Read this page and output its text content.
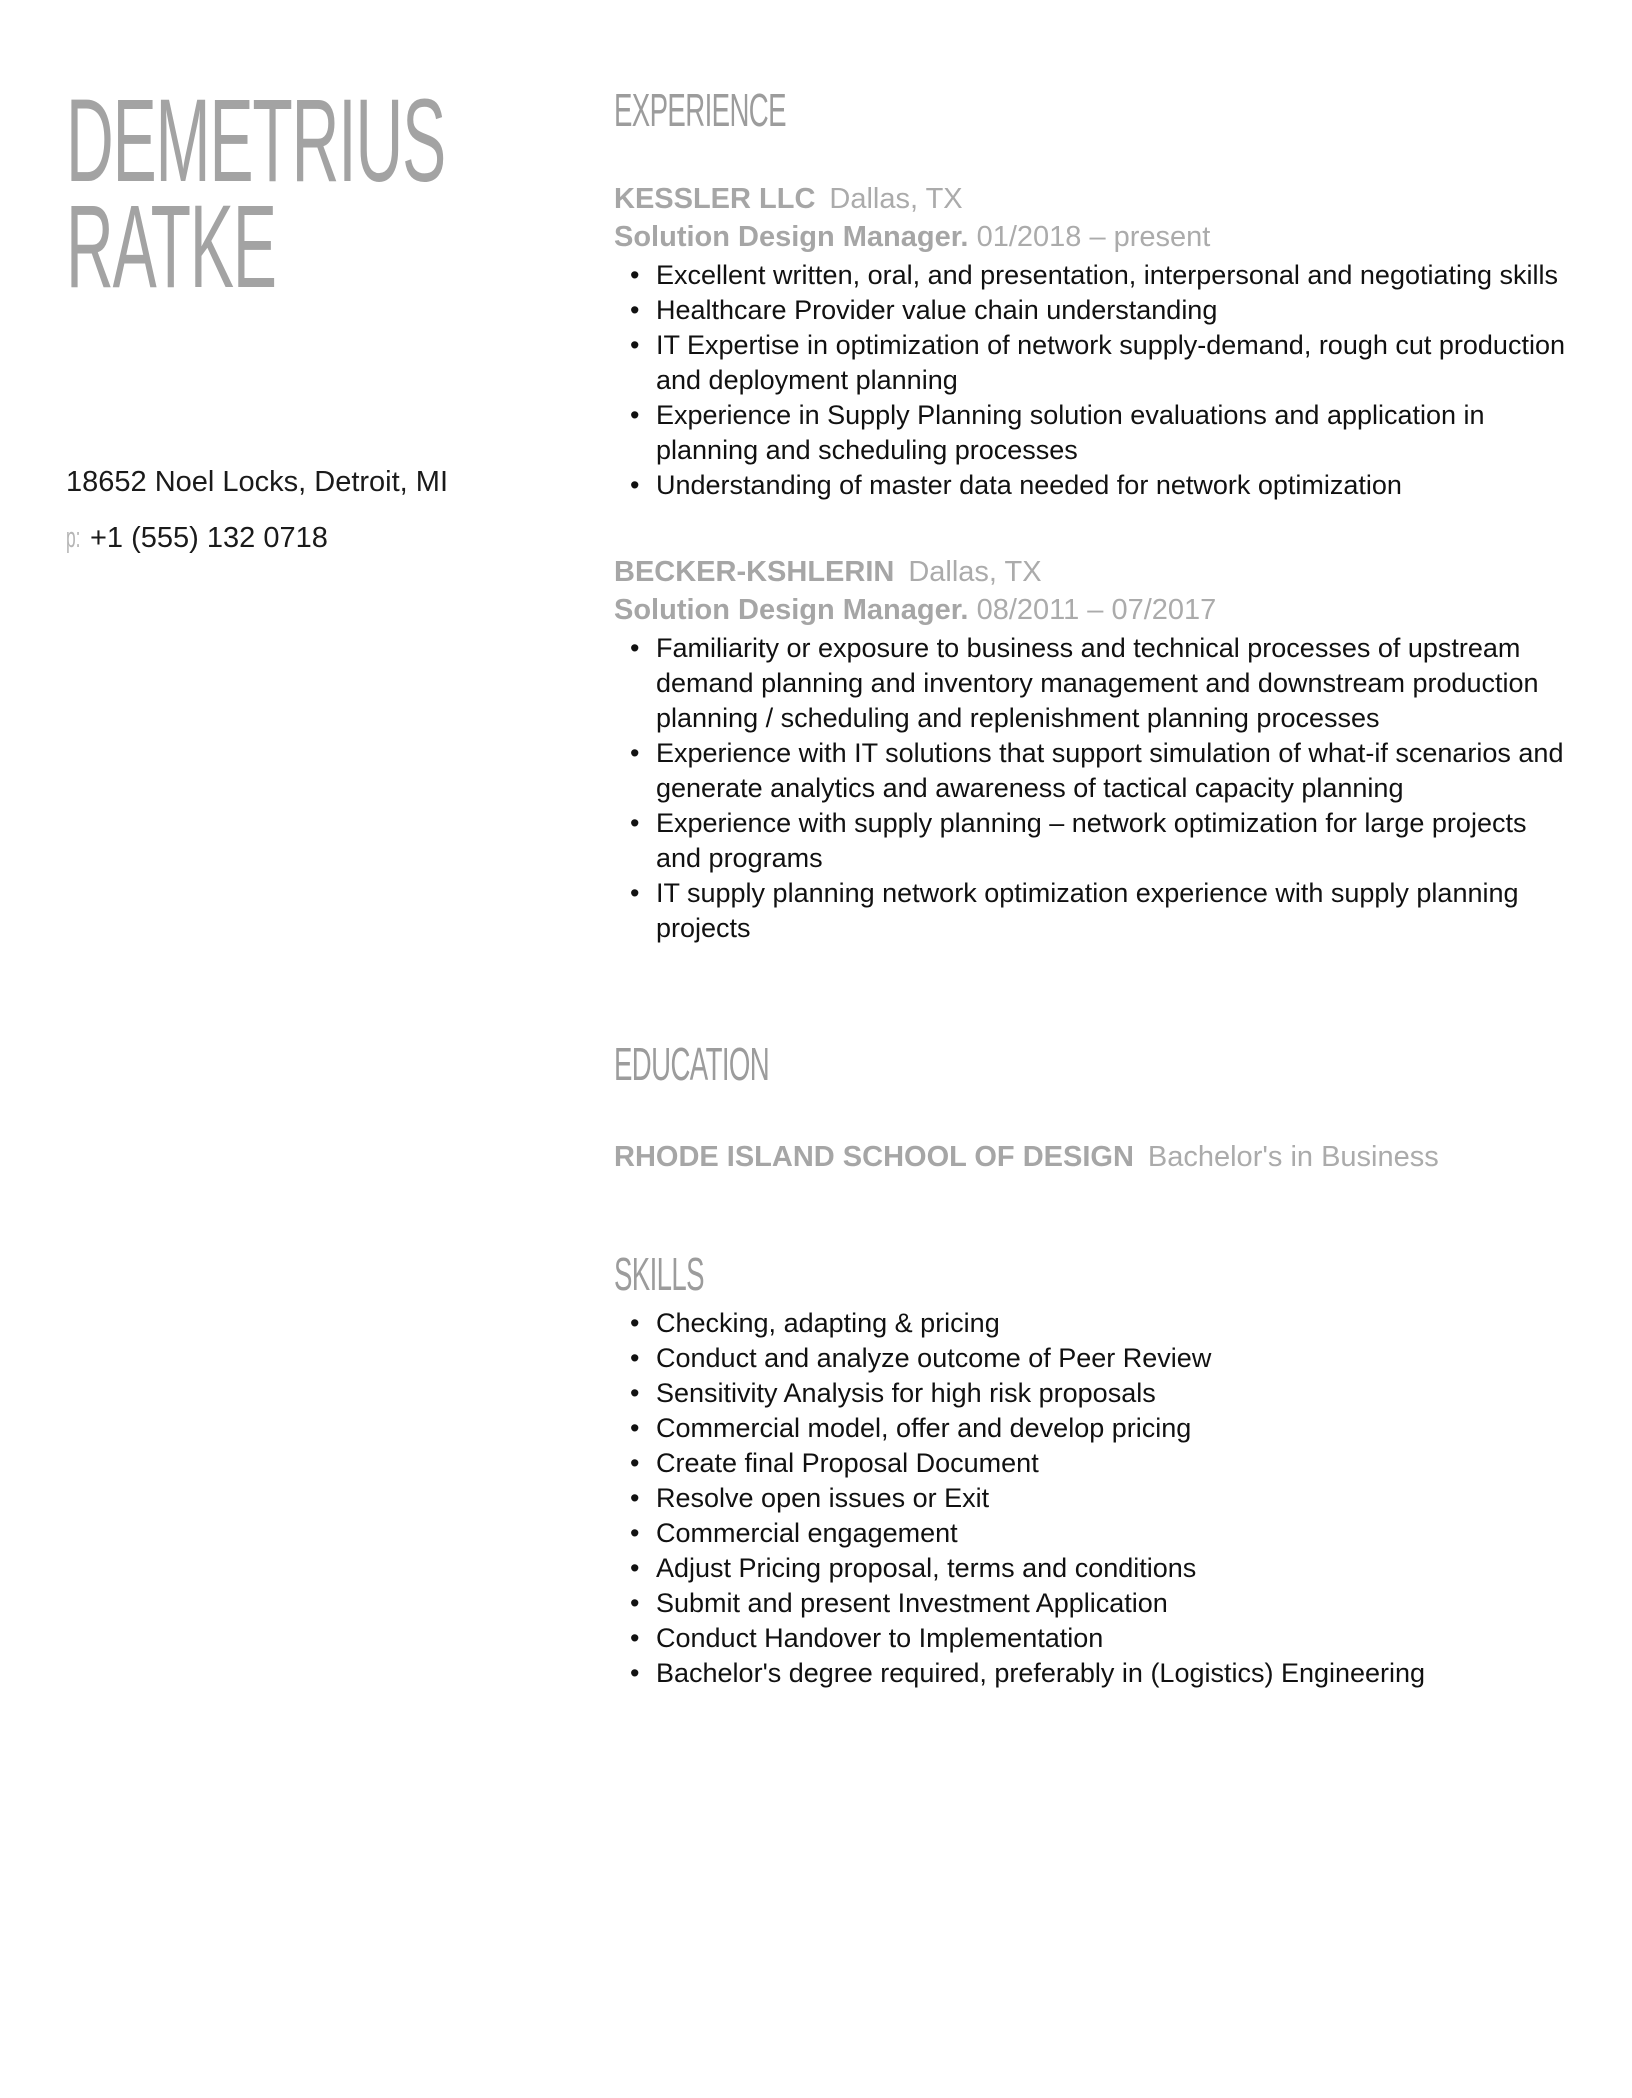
DEMETRIUS
RATKE
18652 Noel Locks, Detroit, MI
p: +1 (555) 132 0718
EXPERIENCE
KESSLER LLC Dallas, TX
Solution Design Manager. 01/2018 – present
• Excellent written, oral, and presentation, interpersonal and negotiating skills
• Healthcare Provider value chain understanding
• IT Expertise in optimization of network supply-demand, rough cut production and deployment planning
• Experience in Supply Planning solution evaluations and application in planning and scheduling processes
• Understanding of master data needed for network optimization
BECKER-KSHLERIN Dallas, TX
Solution Design Manager. 08/2011 – 07/2017
• Familiarity or exposure to business and technical processes of upstream demand planning and inventory management and downstream production planning / scheduling and replenishment planning processes
• Experience with IT solutions that support simulation of what-if scenarios and generate analytics and awareness of tactical capacity planning
• Experience with supply planning – network optimization for large projects and programs
• IT supply planning network optimization experience with supply planning projects
EDUCATION
RHODE ISLAND SCHOOL OF DESIGN Bachelor's in Business
SKILLS
• Checking, adapting & pricing
• Conduct and analyze outcome of Peer Review
• Sensitivity Analysis for high risk proposals
• Commercial model, offer and develop pricing
• Create final Proposal Document
• Resolve open issues or Exit
• Commercial engagement
• Adjust Pricing proposal, terms and conditions
• Submit and present Investment Application
• Conduct Handover to Implementation
• Bachelor's degree required, preferably in (Logistics) Engineering
